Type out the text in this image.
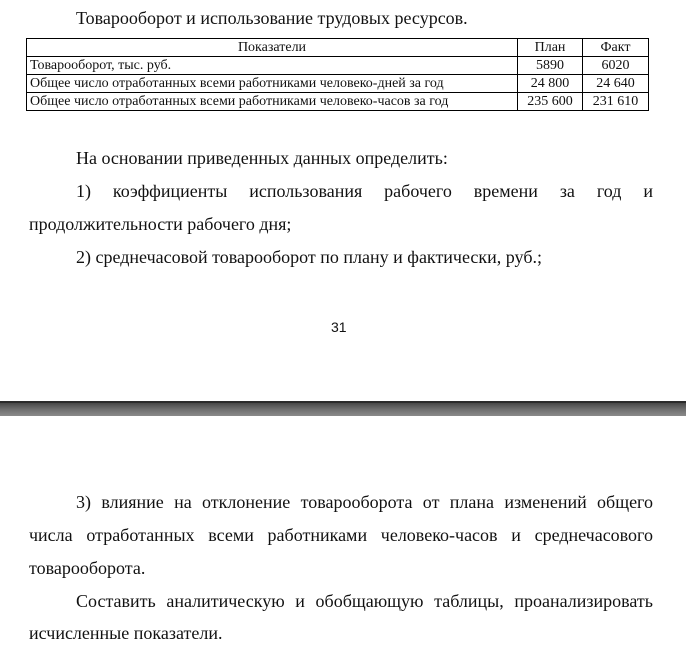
Товарооборот и использование трудовых ресурсов.
Показатели	План	Факт
Товарооборот, тыс. руб.	5890	6020
Общее число отработанных всеми работниками человеко-дней за год	24 800	24 640
Общее число отработанных всеми работниками человеко-часов за год	235 600	231 610

На основании приведенных данных определить:

1) коэффициенты использования рабочего времени за год и

продолжительности рабочего дня;

2) среднечасовой товарооборот по плану и фактически, руб.;

31

3) влияние на отклонение товарооборота от плана изменений общего

числа отработанных всеми работниками человеко-часов и среднечасового

товарооборота.

Составить аналитическую и обобщающую таблицы, проанализировать

исчисленные показатели.
